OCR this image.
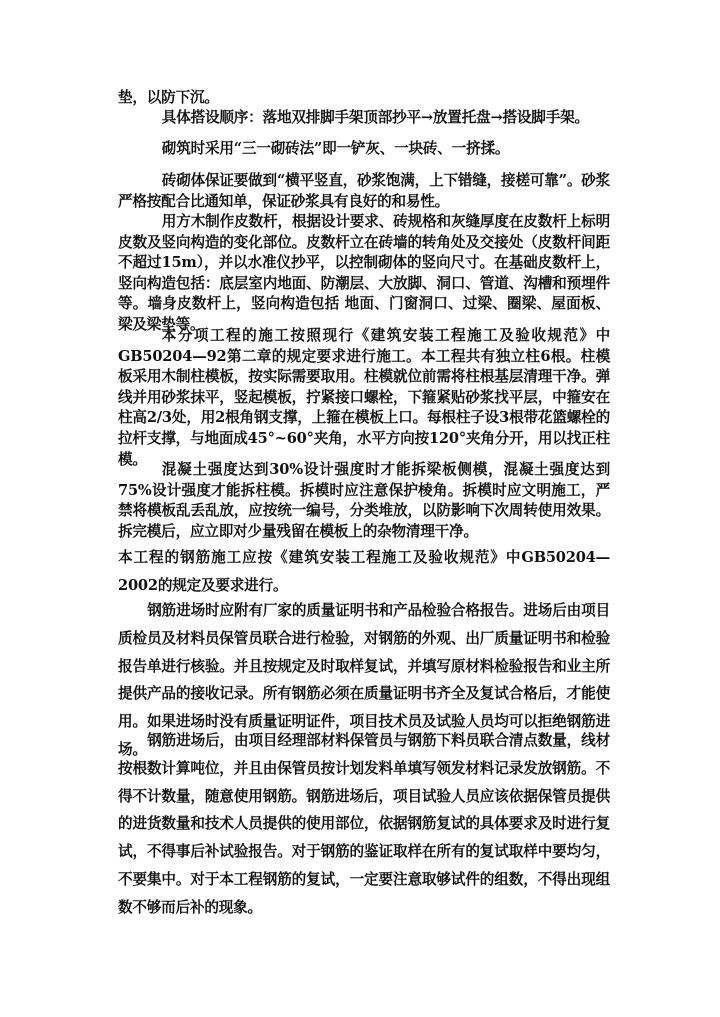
垫，以防下沉。

具体搭设顺序：落地双排脚手架顶部抄平→放置托盘→搭设脚手架。

砌筑时采用“三一砌砖法”即一铲灰、一块砖、一挤揉。

砖砌体保证要做到“横平竖直，砂浆饱满，上下错缝，接槎可靠”。砂浆严格按配合比通知单，保证砂浆具有良好的和易性。

用方木制作皮数杆，根据设计要求、砖规格和灰缝厚度在皮数杆上标明皮数及竖向构造的变化部位。皮数杆立在砖墙的转角处及交接处（皮数杆间距不超过15m），并以水准仪抄平，以控制砌体的竖向尺寸。在基础皮数杆上，竖向构造包括：底层室内地面、防潮层、大放脚、洞口、管道、沟槽和预埋件等。墙身皮数杆上，竖向构造包括 地面、门窗洞口、过梁、圈梁、屋面板、梁及梁垫等。

本分项工程的施工按照现行《建筑安装工程施工及验收规范》中GB50204—92第二章的规定要求进行施工。本工程共有独立柱6根。柱模板采用木制柱模板，按实际需要取用。柱模就位前需将柱根基层清理干净。弹线并用砂浆抹平，竖起模板，拧紧接口螺栓，下箍紧贴砂浆找平层，中箍安在柱高2/3处，用2根角钢支撑，上箍在模板上口。每根柱子设3根带花篮螺栓的拉杆支撑，与地面成45°~60°夹角，水平方向按120°夹角分开，用以找正柱模。

混凝土强度达到30%设计强度时才能拆梁板侧模，混凝土强度达到75%设计强度才能拆柱模。拆模时应注意保护棱角。拆模时应文明施工，严禁将模板乱丢乱放，应按统一编号，分类堆放，以防影响下次周转使用效果。拆完模后，应立即对少量残留在模板上的杂物清理干净。

本工程的钢筋施工应按《建筑安装工程施工及验收规范》中GB50204—2002的规定及要求进行。

钢筋进场时应附有厂家的质量证明书和产品检验合格报告。进场后由项目质检员及材料员保管员联合进行检验，对钢筋的外观、出厂质量证明书和检验报告单进行核验。并且按规定及时取样复试，并填写原材料检验报告和业主所提供产品的接收记录。所有钢筋必须在质量证明书齐全及复试合格后，才能使用。如果进场时没有质量证明证件，项目技术员及试验人员均可以拒绝钢筋进场。

钢筋进场后，由项目经理部材料保管员与钢筋下料员联合清点数量，线材按根数计算吨位，并且由保管员按计划发料单填写领发材料记录发放钢筋。不得不计数量，随意使用钢筋。钢筋进场后，项目试验人员应该依据保管员提供的进货数量和技术人员提供的使用部位，依据钢筋复试的具体要求及时进行复试，不得事后补试验报告。对于钢筋的鉴证取样在所有的复试取样中要均匀，不要集中。对于本工程钢筋的复试，一定要注意取够试件的组数，不得出现组数不够而后补的现象。
